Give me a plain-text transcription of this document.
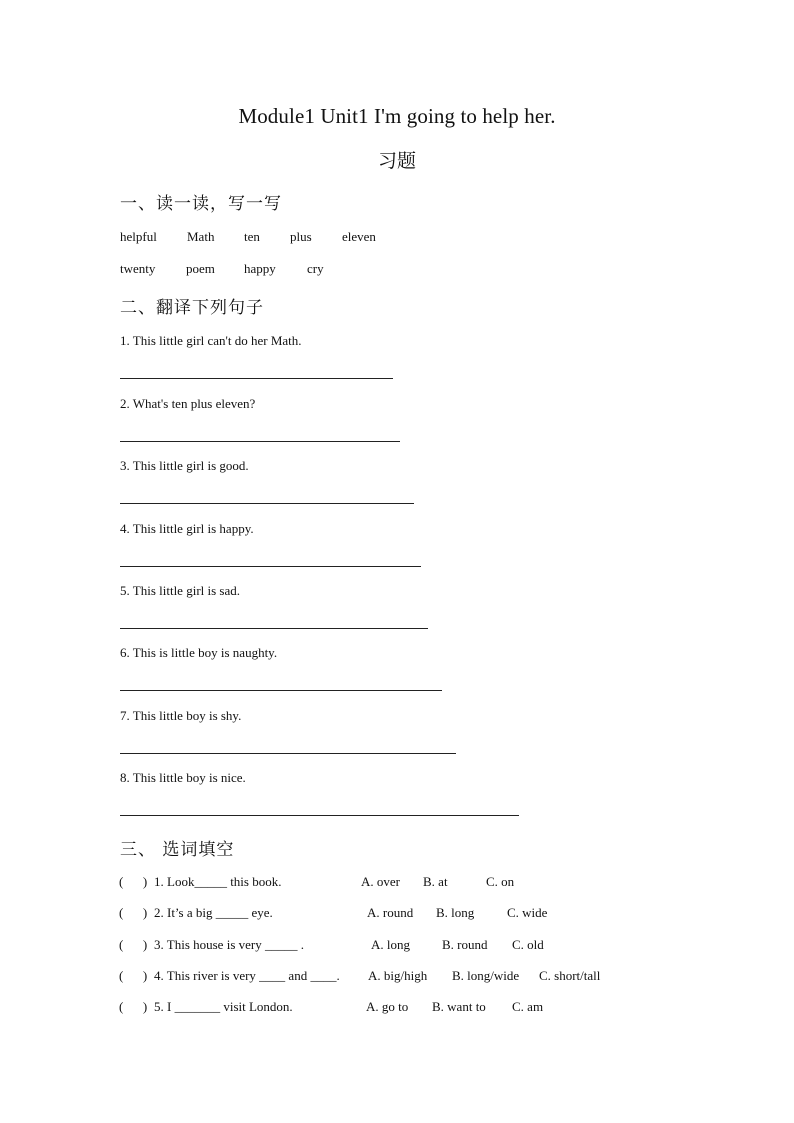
Module1 Unit1 I'm going to help her.
习题
一、读一读，写一写
helpful Math ten plus eleven
twenty poem happy cry
二、翻译下列句子
1. This little girl can't do her Math.
2. What's ten plus eleven?
3. This little girl is good.
4. This little girl is happy.
5. This little girl is sad.
6. This is little boy is naughty.
7. This little boy is shy.
8. This little boy is nice.
三、 选词填空
(      ) 1. Look_____ this book.	A. over B. at	C. on
(      ) 2. It’s a big _____ eye.	A. round B. long	C. wide
(      ) 3. This house is very _____ .	A. long B. round C. old
(      ) 4. This river is very ____ and ____. A. big/high B. long/wide C. short/tall
(      ) 5. I _______ visit London.	A. go to B. want to C. am
